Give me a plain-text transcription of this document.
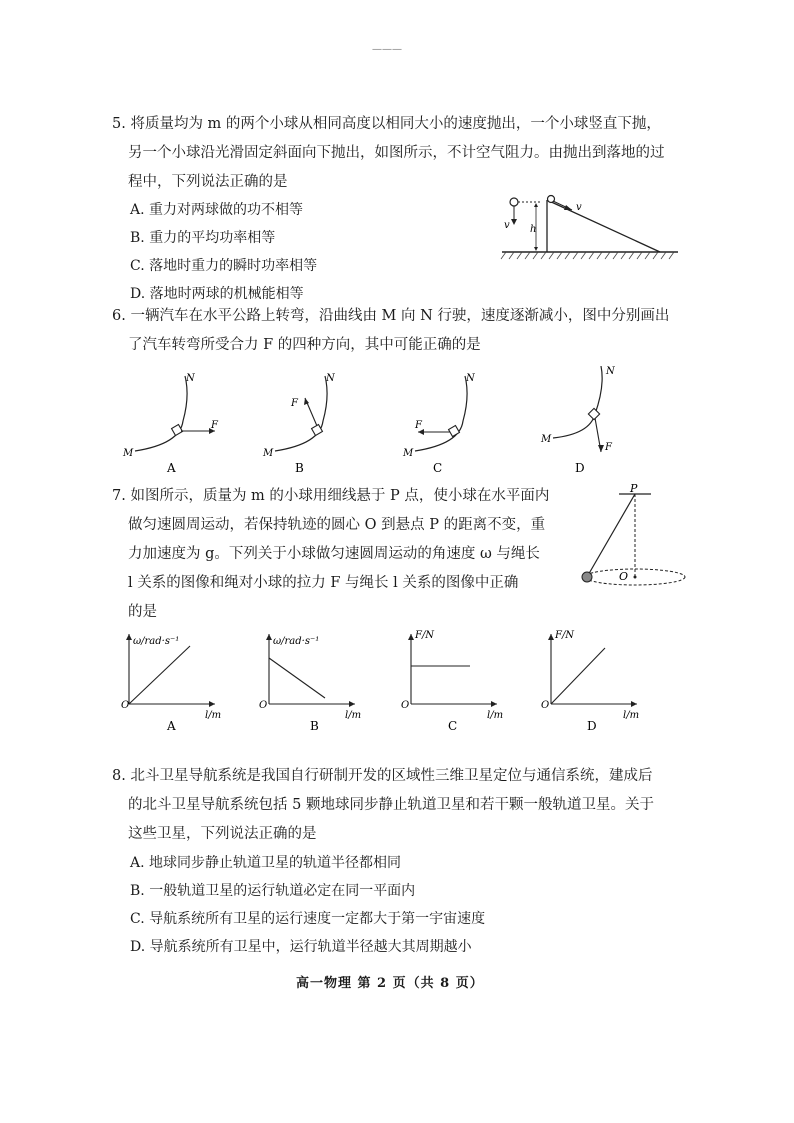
———
5. 将质量均为 m 的两个小球从相同高度以相同大小的速度抛出，一个小球竖直下抛，
另一个小球沿光滑固定斜面向下抛出，如图所示，不计空气阻力。由抛出到落地的过
程中，下列说法正确的是
A. 重力对两球做的功不相等
B. 重力的平均功率相等
C. 落地时重力的瞬时功率相等
D. 落地时两球的机械能相等
v h
v
6. 一辆汽车在水平公路上转弯，沿曲线由 M 向 N 行驶，速度逐渐减小，图中分别画出
了汽车转弯所受合力 F 的四种方向，其中可能正确的是
N
M
F
A
N
M
F
B
N
M
F
C
N
M
F
D
7. 如图所示，质量为 m 的小球用细线悬于 P 点，使小球在水平面内
做匀速圆周运动，若保持轨迹的圆心 O 到悬点 P 的距离不变，重
力加速度为 g。下列关于小球做匀速圆周运动的角速度 ω 与绳长
l 关系的图像和绳对小球的拉力 F 与绳长 l 关系的图像中正确
的是
P
O
ω/rad·s⁻¹
O
l/m
A
ω/rad·s⁻¹
O
l/m
B
F/N
O
l/m
C
F/N
O
l/m
D
8. 北斗卫星导航系统是我国自行研制开发的区域性三维卫星定位与通信系统，建成后
的北斗卫星导航系统包括 5 颗地球同步静止轨道卫星和若干颗一般轨道卫星。关于
这些卫星，下列说法正确的是
A. 地球同步静止轨道卫星的轨道半径都相同
B. 一般轨道卫星的运行轨道必定在同一平面内
C. 导航系统所有卫星的运行速度一定都大于第一宇宙速度
D. 导航系统所有卫星中，运行轨道半径越大其周期越小
高一物理 第 2 页（共 8 页）
